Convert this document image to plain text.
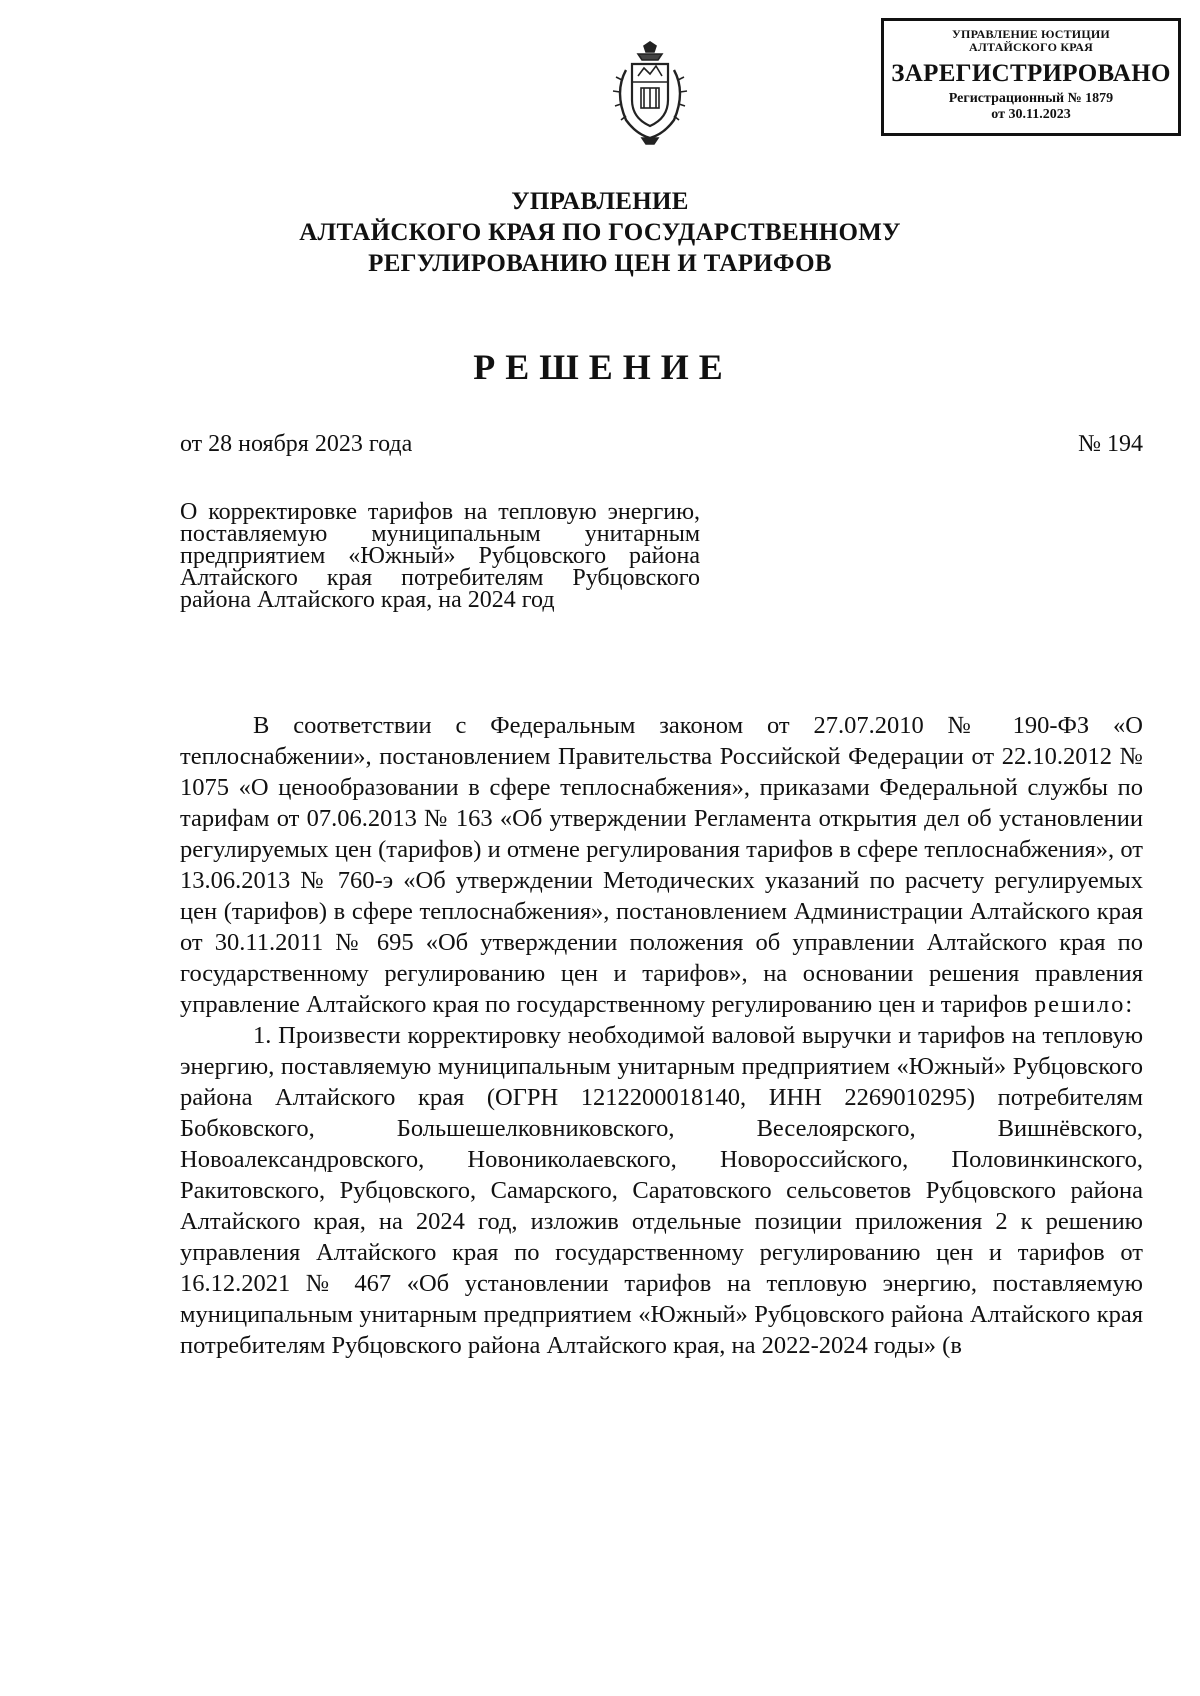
УПРАВЛЕНИЕ ЮСТИЦИИ
АЛТАЙСКОГО КРАЯ
ЗАРЕГИСТРИРОВАНО
Регистрационный № 1879
от 30.11.2023
УПРАВЛЕНИЕ
АЛТАЙСКОГО КРАЯ ПО ГОСУДАРСТВЕННОМУ
РЕГУЛИРОВАНИЮ ЦЕН И ТАРИФОВ
РЕШЕНИЕ
от 28 ноября 2023 года	№ 194
О корректировке тарифов на тепловую энергию, поставляемую муниципальным унитарным предприятием «Южный» Рубцовского района Алтайского края потребителям Рубцовского района Алтайского края, на 2024 год

В соответствии с Федеральным законом от 27.07.2010 № 190-ФЗ «О теплоснабжении», постановлением Правительства Российской Федерации от 22.10.2012 № 1075 «О ценообразовании в сфере теплоснабжения», приказами Федеральной службы по тарифам от 07.06.2013 № 163 «Об утверждении Регламента открытия дел об установлении регулируемых цен (тарифов) и отмене регулирования тарифов в сфере теплоснабжения», от 13.06.2013 № 760-э «Об утверждении Методических указаний по расчету регулируемых цен (тарифов) в сфере теплоснабжения», постановлением Администрации Алтайского края от 30.11.2011 № 695 «Об утверждении положения об управлении Алтайского края по государственному регулированию цен и тарифов», на основании решения правления управление Алтайского края по государственному регулированию цен и тарифов решило:

1. Произвести корректировку необходимой валовой выручки и тарифов на тепловую энергию, поставляемую муниципальным унитарным предприятием «Южный» Рубцовского района Алтайского края (ОГРН 1212200018140, ИНН 2269010295) потребителям Бобковского, Большешелковниковского, Веселоярского, Вишнёвского, Новоалександровского, Новониколаевского, Новороссийского, Половинкинского, Ракитовского, Рубцовского, Самарского, Саратовского сельсоветов Рубцовского района Алтайского края, на 2024 год, изложив отдельные позиции приложения 2 к решению управления Алтайского края по государственному регулированию цен и тарифов от 16.12.2021 № 467 «Об установлении тарифов на тепловую энергию, поставляемую муниципальным унитарным предприятием «Южный» Рубцовского района Алтайского края потребителям Рубцовского района Алтайского края, на 2022-2024 годы» (в
